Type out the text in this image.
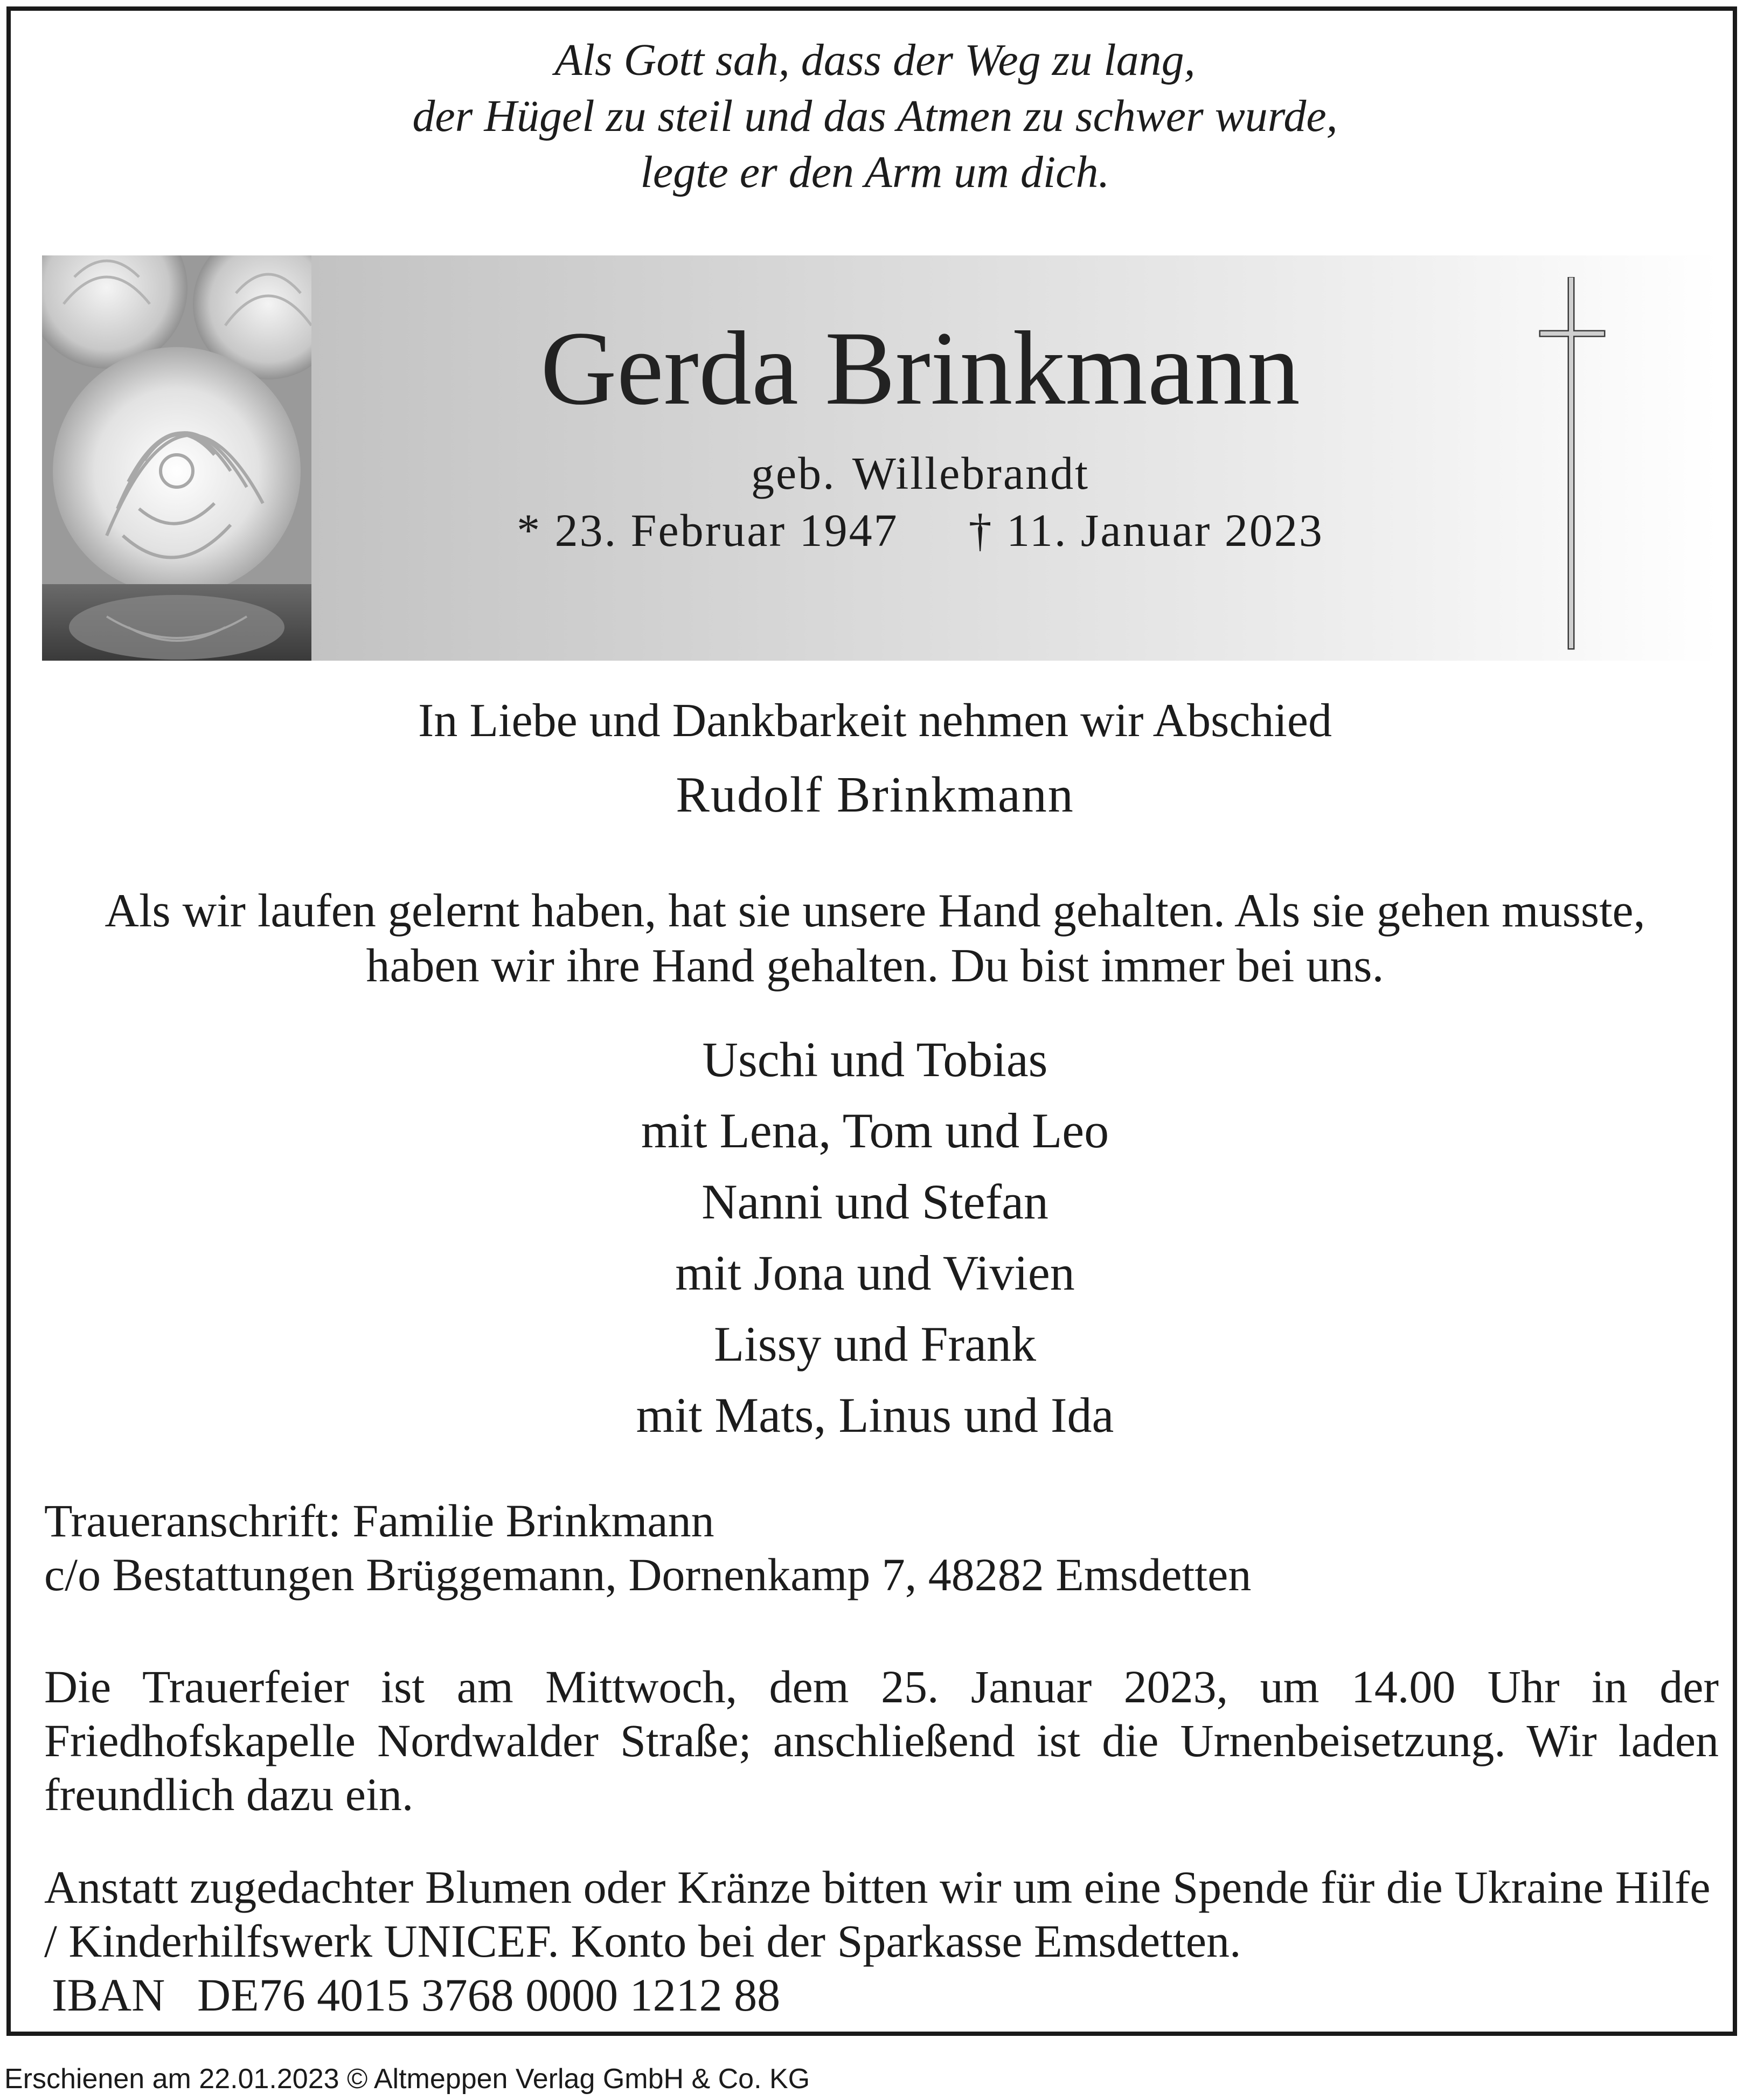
Als Gott sah, dass der Weg zu lang,
der Hügel zu steil und das Atmen zu schwer wurde,
legte er den Arm um dich.
Gerda Brinkmann
geb. Willebrandt
* 23. Februar 1947 † 11. Januar 2023
In Liebe und Dankbarkeit nehmen wir Abschied
Rudolf Brinkmann
Als wir laufen gelernt haben, hat sie unsere Hand gehalten. Als sie gehen musste,
haben wir ihre Hand gehalten. Du bist immer bei uns.
Uschi und Tobias
mit Lena, Tom und Leo
Nanni und Stefan
mit Jona und Vivien
Lissy und Frank
mit Mats, Linus und Ida
Traueranschrift: Familie Brinkmann
c/o Bestattungen Brüggemann, Dornenkamp 7, 48282 Emsdetten
Die Trauerfeier ist am Mittwoch, dem 25. Januar 2023, um 14.00 Uhr in der
Friedhofskapelle Nordwalder Straße; anschließend ist die Urnenbeisetzung. Wir laden
freundlich dazu ein.
Anstatt zugedachter Blumen oder Kränze bitten wir um eine Spende für die Ukraine Hilfe
/ Kinderhilfswerk UNICEF. Konto bei der Sparkasse Emsdetten.
IBAN DE76 4015 3768 0000 1212 88
Erschienen am 22.01.2023 © Altmeppen Verlag GmbH & Co. KG
